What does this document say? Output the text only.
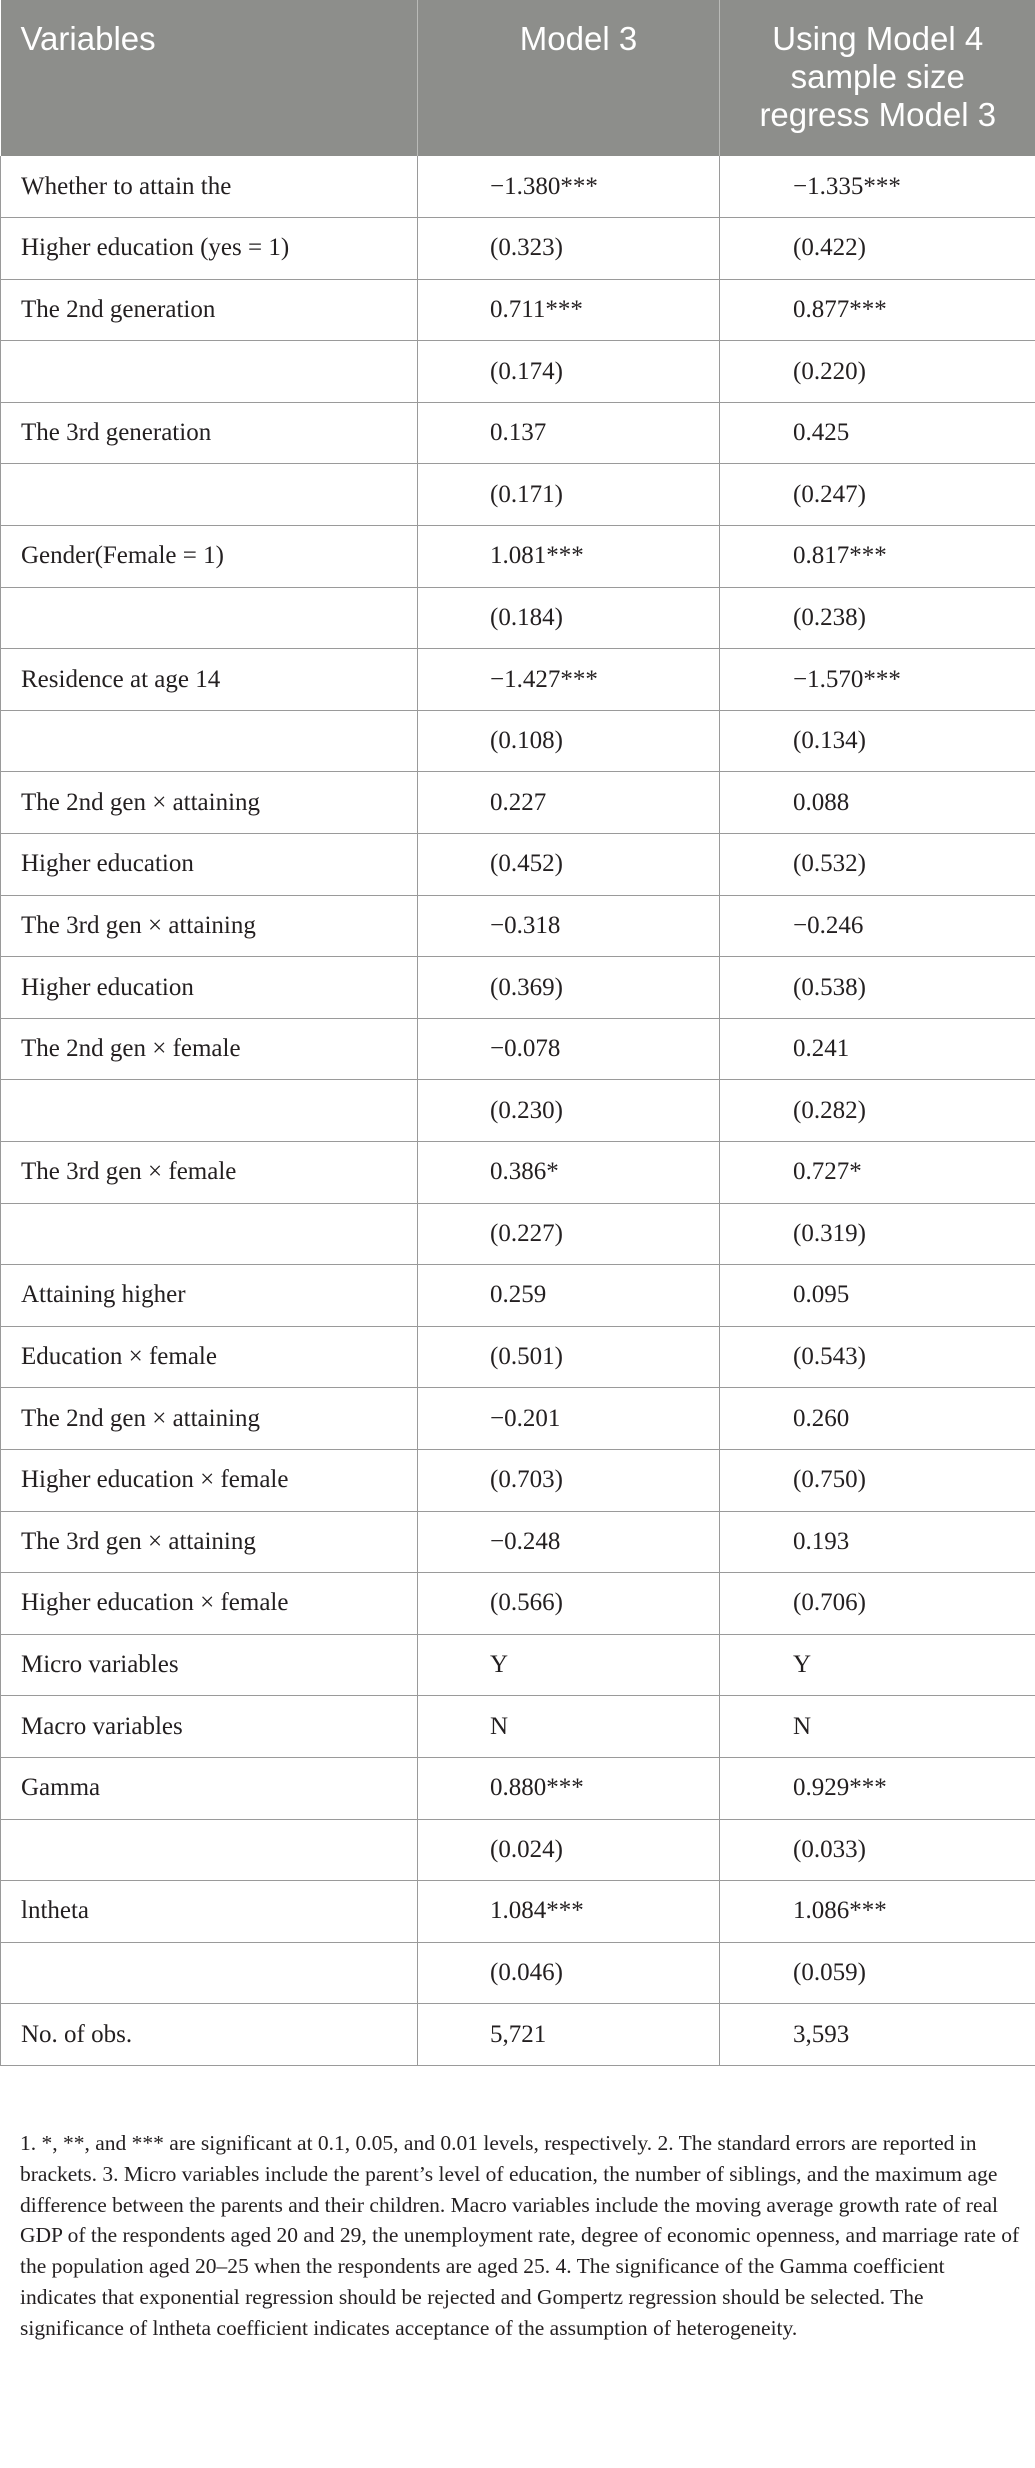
Variables	Model 3	Using Model 4 sample size regress Model 3
Whether to attain the	−1.380***	−1.335***
Higher education (yes = 1)	(0.323)	(0.422)
The 2nd generation	0.711***	0.877***
	(0.174)	(0.220)
The 3rd generation	0.137	0.425
	(0.171)	(0.247)
Gender(Female = 1)	1.081***	0.817***
	(0.184)	(0.238)
Residence at age 14	−1.427***	−1.570***
	(0.108)	(0.134)
The 2nd gen × attaining	0.227	0.088
Higher education	(0.452)	(0.532)
The 3rd gen × attaining	−0.318	−0.246
Higher education	(0.369)	(0.538)
The 2nd gen × female	−0.078	0.241
	(0.230)	(0.282)
The 3rd gen × female	0.386*	0.727*
	(0.227)	(0.319)
Attaining higher	0.259	0.095
Education × female	(0.501)	(0.543)
The 2nd gen × attaining	−0.201	0.260
Higher education × female	(0.703)	(0.750)
The 3rd gen × attaining	−0.248	0.193
Higher education × female	(0.566)	(0.706)
Micro variables	Y	Y
Macro variables	N	N
Gamma	0.880***	0.929***
	(0.024)	(0.033)
lntheta	1.084***	1.086***
	(0.046)	(0.059)
No. of obs.	5,721	3,593
1. *, **, and *** are significant at 0.1, 0.05, and 0.01 levels, respectively. 2. The standard errors are reported in brackets. 3. Micro variables include the parent’s level of education, the number of siblings, and the maximum age difference between the parents and their children. Macro variables include the moving average growth rate of real GDP of the respondents aged 20 and 29, the unemployment rate, degree of economic openness, and marriage rate of the population aged 20–25 when the respondents are aged 25. 4. The significance of the Gamma coefficient indicates that exponential regression should be rejected and Gompertz regression should be selected. The significance of lntheta coefficient indicates acceptance of the assumption of heterogeneity.
